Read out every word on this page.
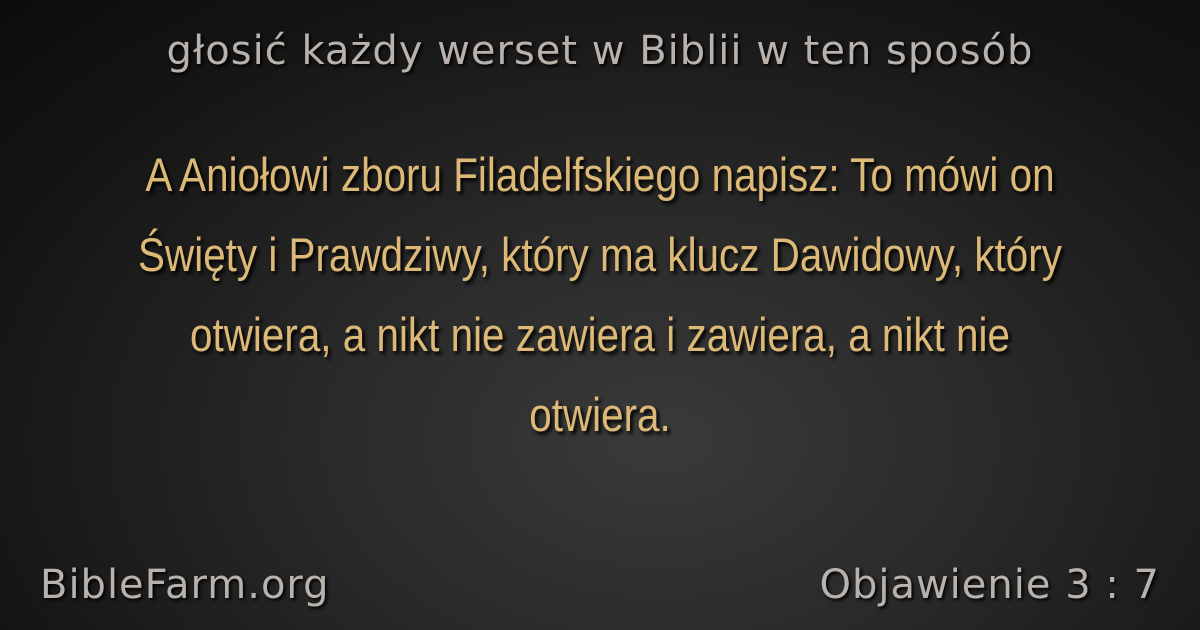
głosić każdy werset w Biblii w ten sposób
A Aniołowi zboru Filadelfskiego napisz: To mówi on Święty i Prawdziwy, który ma klucz Dawidowy, który otwiera, a nikt nie zawiera i zawiera, a nikt nie otwiera.
BibleFarm.org	Objawienie 3 : 7
